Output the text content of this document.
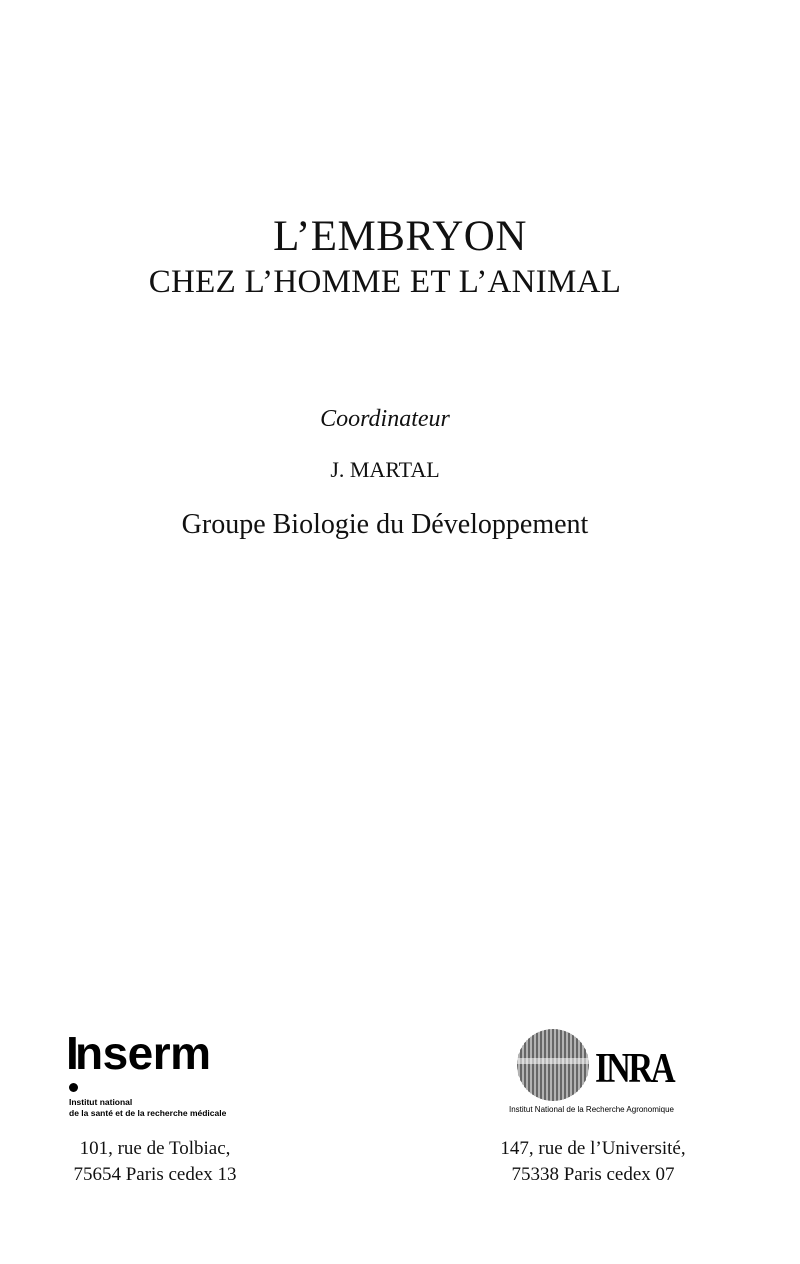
L’EMBRYON
CHEZ L’HOMME ET L’ANIMAL
Coordinateur
J. MARTAL
Groupe Biologie du Développement
Inserm
Institut national
de la santé et de la recherche médicale
INRA
Institut National de la Recherche Agronomique
101, rue de Tolbiac,
75654 Paris cedex 13
147, rue de l’Université,
75338 Paris cedex 07
